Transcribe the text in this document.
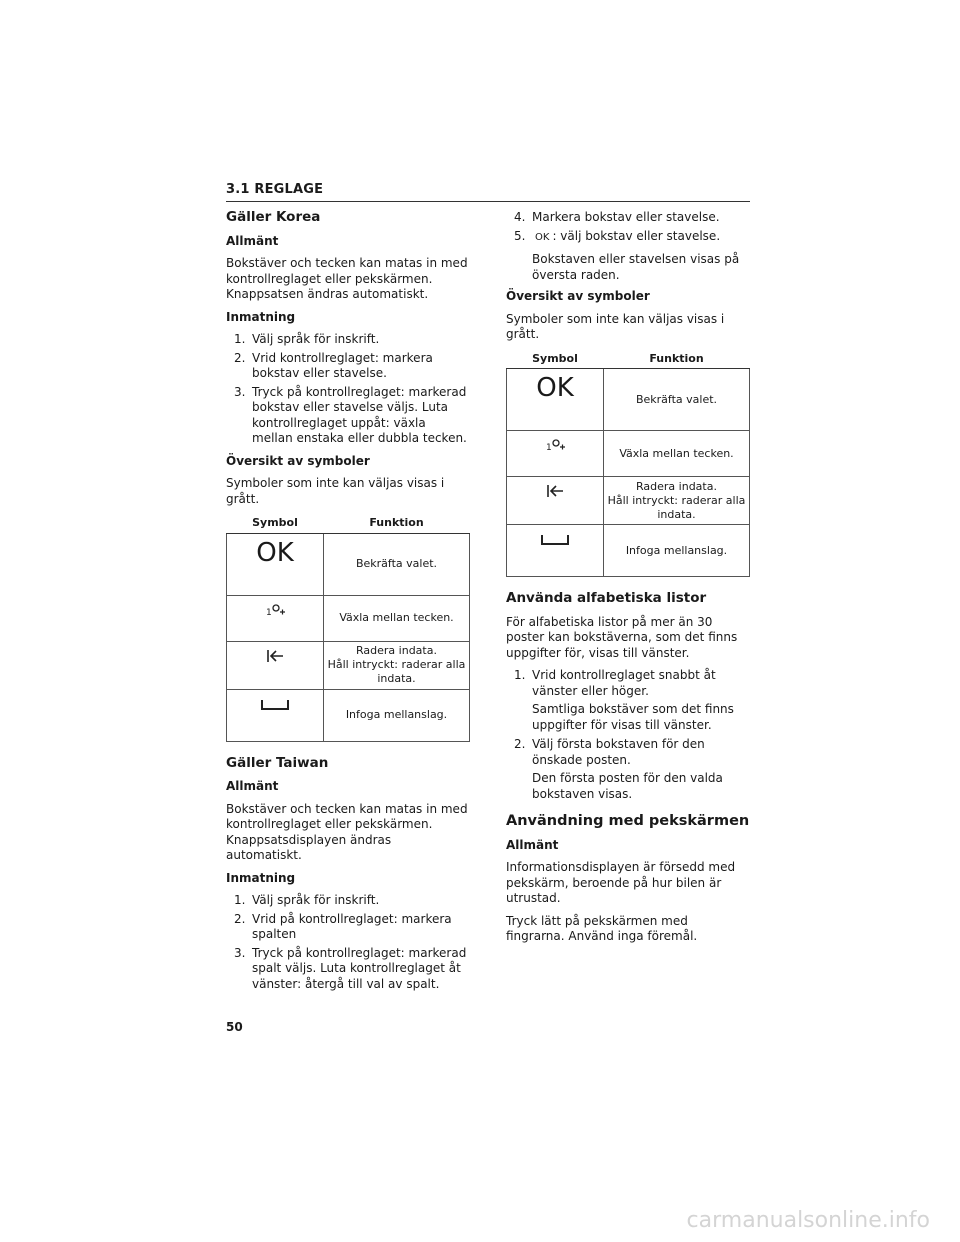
3.1 REGLAGE
Gäller Korea
Allmänt
Bokstäver och tecken kan matas in med kontrollreglaget eller pekskärmen. Knappsatsen ändras automatiskt.
Inmatning
1. Välj språk för inskrift.
2. Vrid kontrollreglaget: markera bokstav eller stavelse.
3. Tryck på kontrollreglaget: markerad bokstav eller stavelse väljs. Luta kontrollreglaget uppåt: växla mellan enstaka eller dubbla tecken.
Översikt av symboler
Symboler som inte kan väljas visas i grått.
Symbol	Funktion
OK	Bekräfta valet.

1	Växla mellan tecken.

Radera indata.
Håll intryckt: raderar alla indata.

	Infoga mellanslag.
Gäller Taiwan
Allmänt
Bokstäver och tecken kan matas in med kontrollreglaget eller pekskärmen. Knappsatsdisplayen ändras automatiskt.
Inmatning
1. Välj språk för inskrift.
2. Vrid på kontrollreglaget: markera spalten
3. Tryck på kontrollreglaget: markerad spalt väljs. Luta kontrollreglaget åt vänster: återgå till val av spalt.
4. Markera bokstav eller stavelse.
5. OK : välj bokstav eller stavelse.
Bokstaven eller stavelsen visas på översta raden.
Översikt av symboler
Symboler som inte kan väljas visas i grått.
Symbol	Funktion
OK	Bekräfta valet.

1	Växla mellan tecken.

Radera indata.
Håll intryckt: raderar alla indata.

	Infoga mellanslag.
Använda alfabetiska listor
För alfabetiska listor på mer än 30 poster kan bokstäverna, som det finns uppgifter för, visas till vänster.
1. Vrid kontrollreglaget snabbt åt vänster eller höger.
Samtliga bokstäver som det finns uppgifter för visas till vänster.
2. Välj första bokstaven för den önskade posten.
Den första posten för den valda bokstaven visas.
Användning med pekskärmen
Allmänt
Informationsdisplayen är försedd med pekskärm, beroende på hur bilen är utrustad.
Tryck lätt på pekskärmen med fingrarna. Använd inga föremål.
50
carmanualsonline.info
